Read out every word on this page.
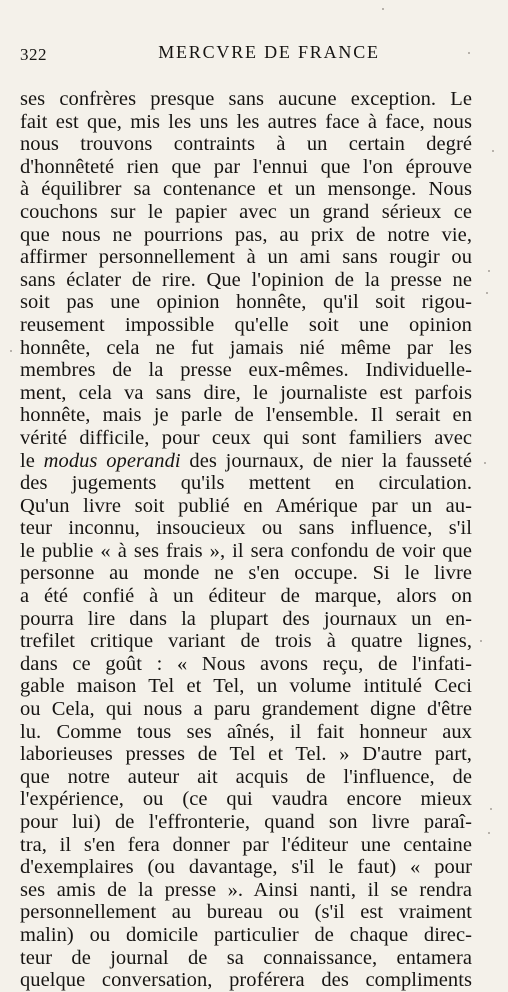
322	MERCVRE DE FRANCE
ses confrères presque sans aucune exception. Le
fait est que, mis les uns les autres face à face, nous
nous trouvons contraints à un certain degré
d'honnêteté rien que par l'ennui que l'on éprouve
à équilibrer sa contenance et un mensonge. Nous
couchons sur le papier avec un grand sérieux ce
que nous ne pourrions pas, au prix de notre vie,
affirmer personnellement à un ami sans rougir ou
sans éclater de rire. Que l'opinion de la presse ne
soit pas une opinion honnête, qu'il soit rigou-
reusement impossible qu'elle soit une opinion
honnête, cela ne fut jamais nié même par les
membres de la presse eux-mêmes. Individuelle-
ment, cela va sans dire, le journaliste est parfois
honnête, mais je parle de l'ensemble. Il serait en
vérité difficile, pour ceux qui sont familiers avec
le modus operandi des journaux, de nier la fausseté
des jugements qu'ils mettent en circulation.
Qu'un livre soit publié en Amérique par un au-
teur inconnu, insoucieux ou sans influence, s'il
le publie « à ses frais », il sera confondu de voir que
personne au monde ne s'en occupe. Si le livre
a été confié à un éditeur de marque, alors on
pourra lire dans la plupart des journaux un en-
trefilet critique variant de trois à quatre lignes,
dans ce goût : « Nous avons reçu, de l'infati-
gable maison Tel et Tel, un volume intitulé Ceci
ou Cela, qui nous a paru grandement digne d'être
lu. Comme tous ses aînés, il fait honneur aux
laborieuses presses de Tel et Tel. » D'autre part,
que notre auteur ait acquis de l'influence, de
l'expérience, ou (ce qui vaudra encore mieux
pour lui) de l'effronterie, quand son livre paraî-
tra, il s'en fera donner par l'éditeur une centaine
d'exemplaires (ou davantage, s'il le faut) « pour
ses amis de la presse ». Ainsi nanti, il se rendra
personnellement au bureau ou (s'il est vraiment
malin) ou domicile particulier de chaque direc-
teur de journal de sa connaissance, entamera
quelque conversation, proférera des compliments
